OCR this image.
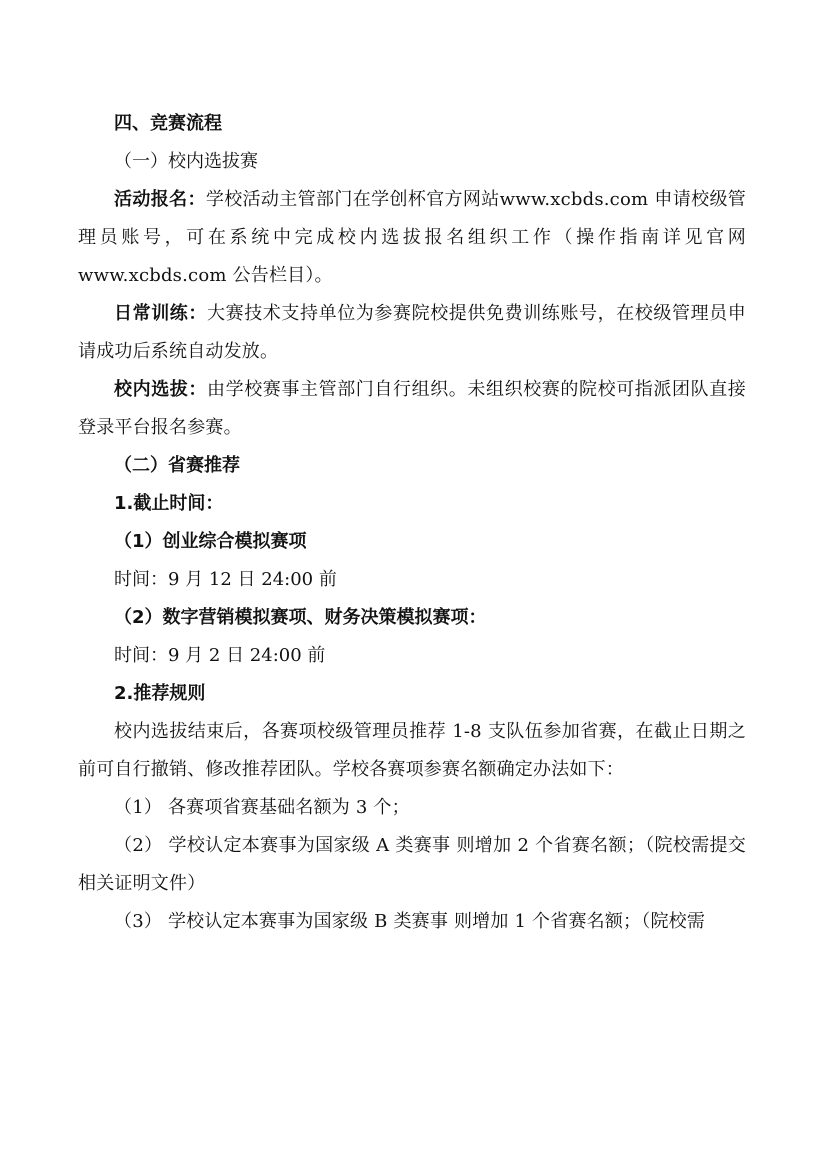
四、竞赛流程

（一）校内选拔赛

活动报名：学校活动主管部门在学创杯官方网站www.xcbds.com 申请校级管理员账号，可在系统中完成校内选拔报名组织工作（操作指南详见官网 www.xcbds.com 公告栏目）。

日常训练：大赛技术支持单位为参赛院校提供免费训练账号，在校级管理员申请成功后系统自动发放。

校内选拔：由学校赛事主管部门自行组织。未组织校赛的院校可指派团队直接登录平台报名参赛。

（二）省赛推荐

1.截止时间：

（1）创业综合模拟赛项

时间：9 月 12 日 24:00 前

（2）数字营销模拟赛项、财务决策模拟赛项：

时间：9 月 2 日 24:00 前

2.推荐规则

校内选拔结束后，各赛项校级管理员推荐 1-8 支队伍参加省赛，在截止日期之前可自行撤销、修改推荐团队。学校各赛项参赛名额确定办法如下：

（1） 各赛项省赛基础名额为 3 个；

（2） 学校认定本赛事为国家级 A 类赛事 则增加 2 个省赛名额；（院校需提交相关证明文件）

（3） 学校认定本赛事为国家级 B 类赛事 则增加 1 个省赛名额；（院校需
